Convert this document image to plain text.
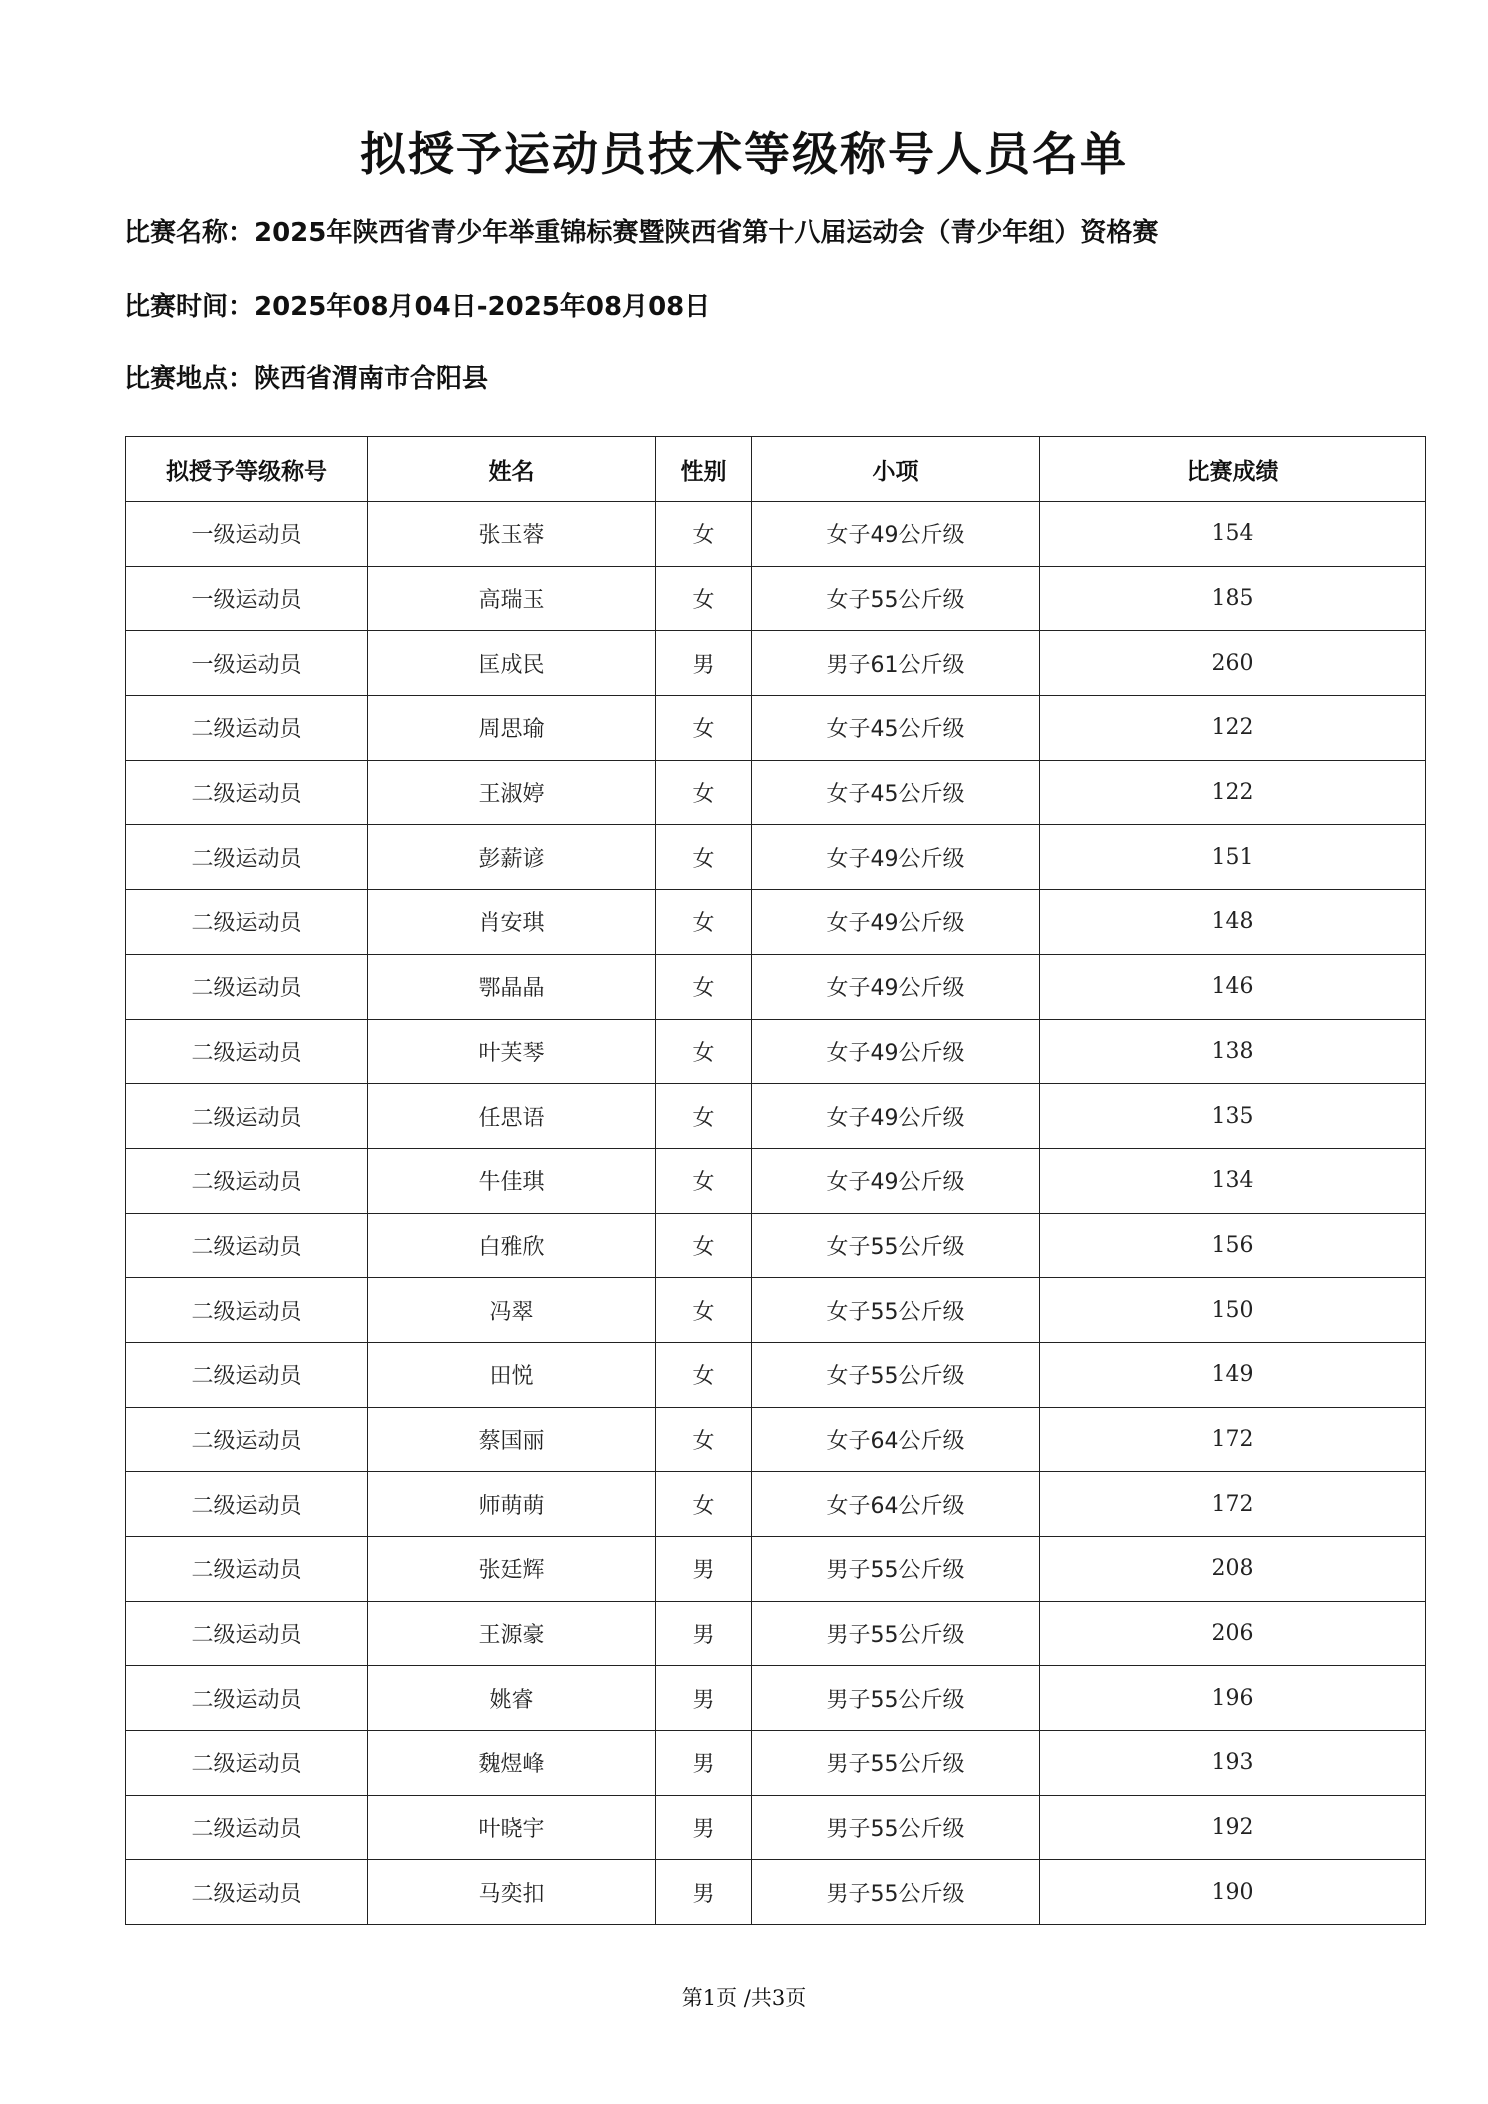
拟授予运动员技术等级称号人员名单
比赛名称：2025年陕西省青少年举重锦标赛暨陕西省第十八届运动会（青少年组）资格赛
比赛时间：2025年08月04日-2025年08月08日
比赛地点：陕西省渭南市合阳县
拟授予等级称号	姓名	性别	小项	比赛成绩
一级运动员	张玉蓉	女	女子49公斤级	154
一级运动员	高瑞玉	女	女子55公斤级	185
一级运动员	匡成民	男	男子61公斤级	260
二级运动员	周思瑜	女	女子45公斤级	122
二级运动员	王淑婷	女	女子45公斤级	122
二级运动员	彭薪谚	女	女子49公斤级	151
二级运动员	肖安琪	女	女子49公斤级	148
二级运动员	鄂晶晶	女	女子49公斤级	146
二级运动员	叶芙琴	女	女子49公斤级	138
二级运动员	任思语	女	女子49公斤级	135
二级运动员	牛佳琪	女	女子49公斤级	134
二级运动员	白雅欣	女	女子55公斤级	156
二级运动员	冯翠	女	女子55公斤级	150
二级运动员	田悦	女	女子55公斤级	149
二级运动员	蔡国丽	女	女子64公斤级	172
二级运动员	师萌萌	女	女子64公斤级	172
二级运动员	张廷辉	男	男子55公斤级	208
二级运动员	王源豪	男	男子55公斤级	206
二级运动员	姚睿	男	男子55公斤级	196
二级运动员	魏煜峰	男	男子55公斤级	193
二级运动员	叶晓宇	男	男子55公斤级	192
二级运动员	马奕扣	男	男子55公斤级	190
第1页 /共3页
